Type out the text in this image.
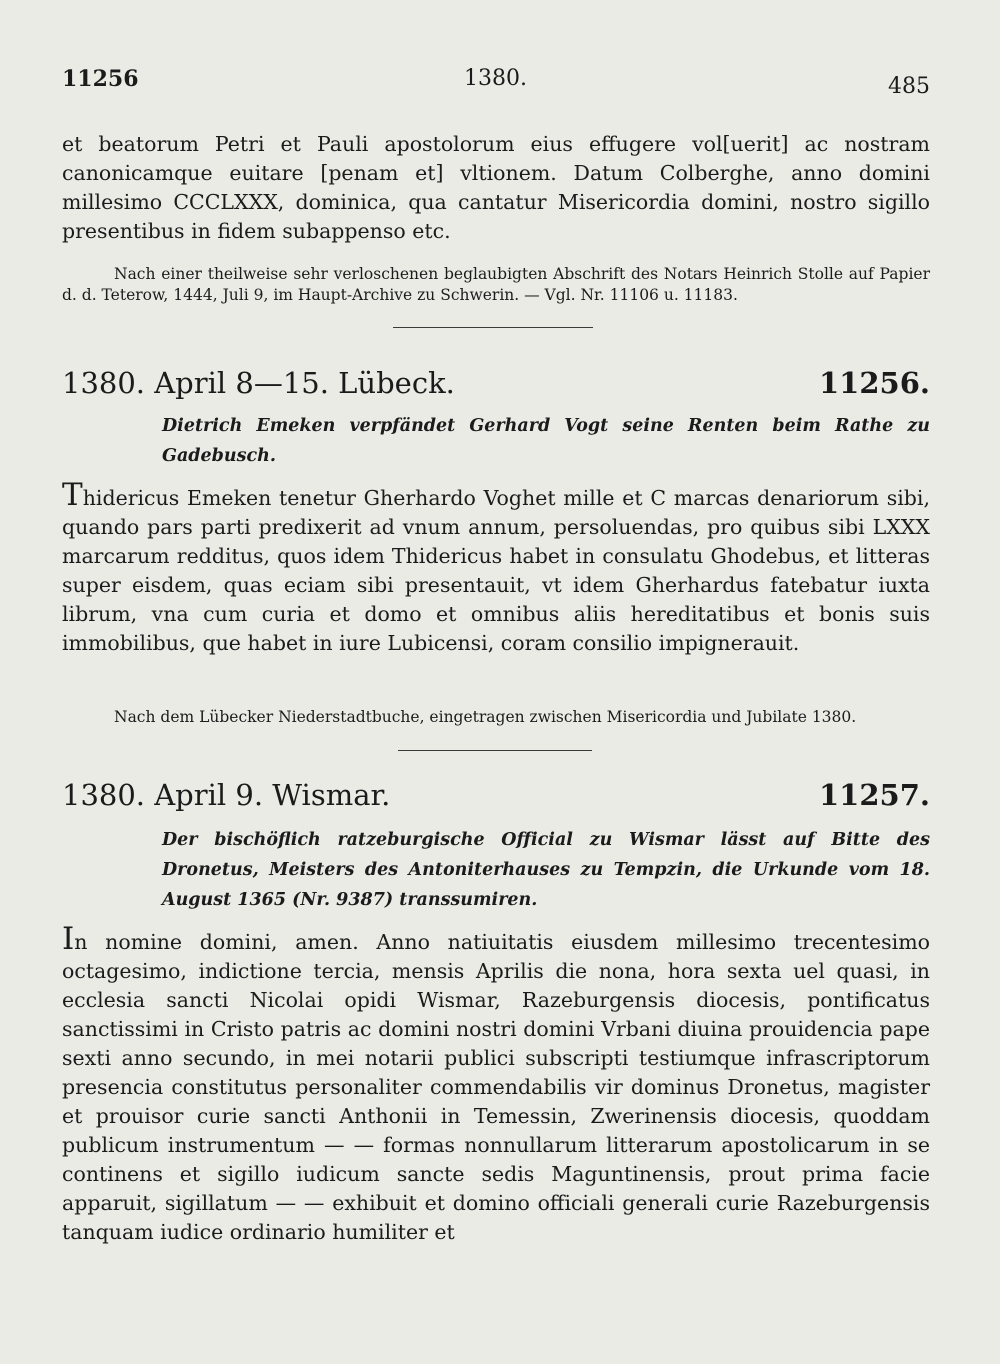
11256	1380.	485

et beatorum Petri et Pauli apostolorum eius effugere vol[uerit] ac nostram canonicamque euitare [penam et] vltionem. Datum Colberghe, anno domini millesimo CCCLXXX, dominica, qua cantatur Misericordia domini, nostro sigillo presentibus in fidem subappenso etc.

Nach einer theilweise sehr verloschenen beglaubigten Abschrift des Notars Heinrich Stolle auf Papier d. d. Teterow, 1444, Juli 9, im Haupt-Archive zu Schwerin. — Vgl. Nr. 11106 u. 11183.

1380. April 8—15. Lübeck.	11256.

Dietrich Emeken verpfändet Gerhard Vogt seine Renten beim Rathe zu Gadebusch.

Thidericus Emeken tenetur Gherhardo Voghet mille et C marcas denariorum sibi, quando pars parti predixerit ad vnum annum, persoluendas, pro quibus sibi LXXX marcarum redditus, quos idem Thidericus habet in consulatu Ghodebus, et litteras super eisdem, quas eciam sibi presentauit, vt idem Gherhardus fatebatur iuxta librum, vna cum curia et domo et omnibus aliis hereditatibus et bonis suis immobilibus, que habet in iure Lubicensi, coram consilio impignerauit.

Nach dem Lübecker Niederstadtbuche, eingetragen zwischen Misericordia und Jubilate 1380.

1380. April 9. Wismar.	11257.

Der bischöflich ratzeburgische Official zu Wismar lässt auf Bitte des Dronetus, Meisters des Antoniterhauses zu Tempzin, die Urkunde vom 18. August 1365 (Nr. 9387) transsumiren.

In nomine domini, amen. Anno natiuitatis eiusdem millesimo trecentesimo octagesimo, indictione tercia, mensis Aprilis die nona, hora sexta uel quasi, in ecclesia sancti Nicolai opidi Wismar, Razeburgensis diocesis, pontificatus sanctissimi in Cristo patris ac domini nostri domini Vrbani diuina prouidencia pape sexti anno secundo, in mei notarii publici subscripti testiumque infrascriptorum presencia constitutus personaliter commendabilis vir dominus Dronetus, magister et prouisor curie sancti Anthonii in Temessin, Zwerinensis diocesis, quoddam publicum instrumentum — — formas nonnullarum litterarum apostolicarum in se continens et sigillo iudicum sancte sedis Maguntinensis, prout prima facie apparuit, sigillatum — — exhibuit et domino officiali generali curie Razeburgensis tanquam iudice ordinario humiliter et
